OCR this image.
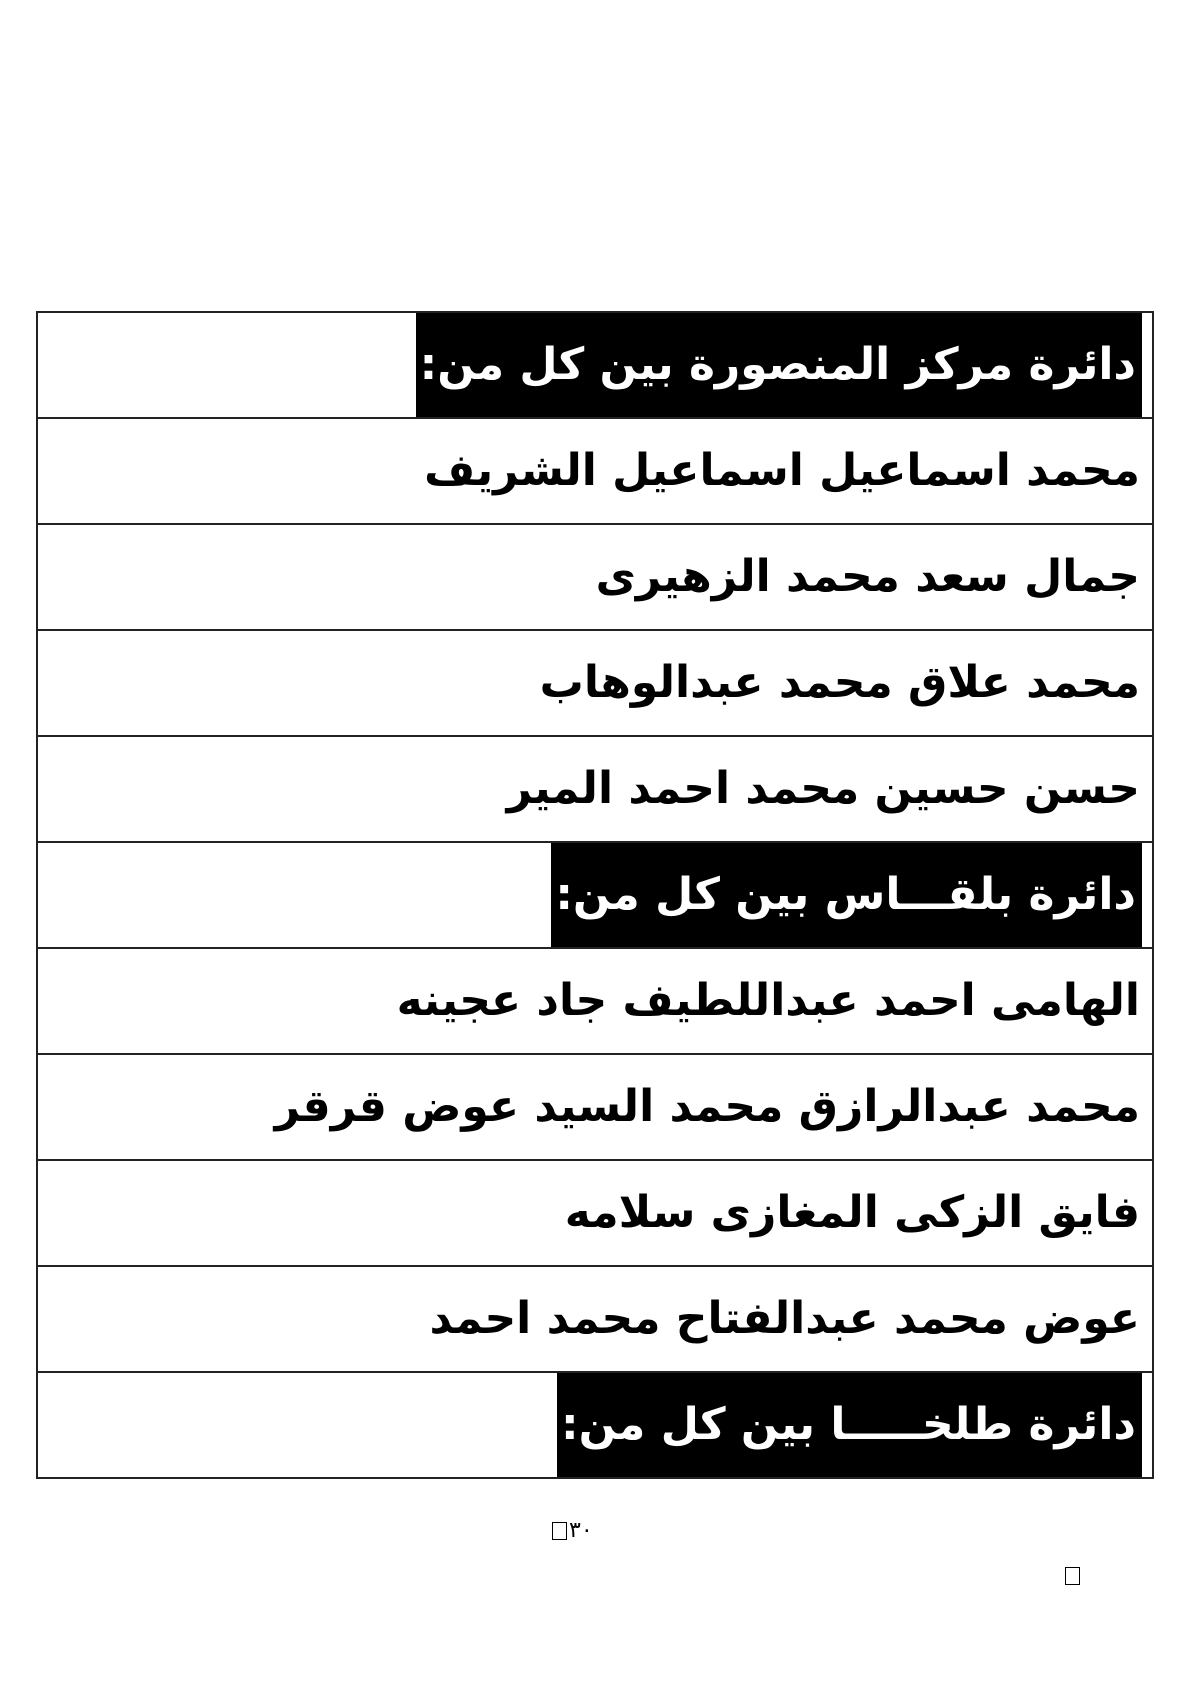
دائرة مركز المنصورة بين كل من:
محمد اسماعيل اسماعيل الشريف
جمال سعد محمد الزهيرى
محمد علاق محمد عبدالوهاب
حسن حسين محمد احمد المير
دائرة بلقـــاس بين كل من:
الهامى احمد عبداللطيف جاد عجينه
محمد عبدالرازق محمد السيد عوض قرقر
فايق الزكى المغازى سلامه
عوض محمد عبدالفتاح محمد احمد
دائرة طلخـــــا بين كل من:
٣٠
